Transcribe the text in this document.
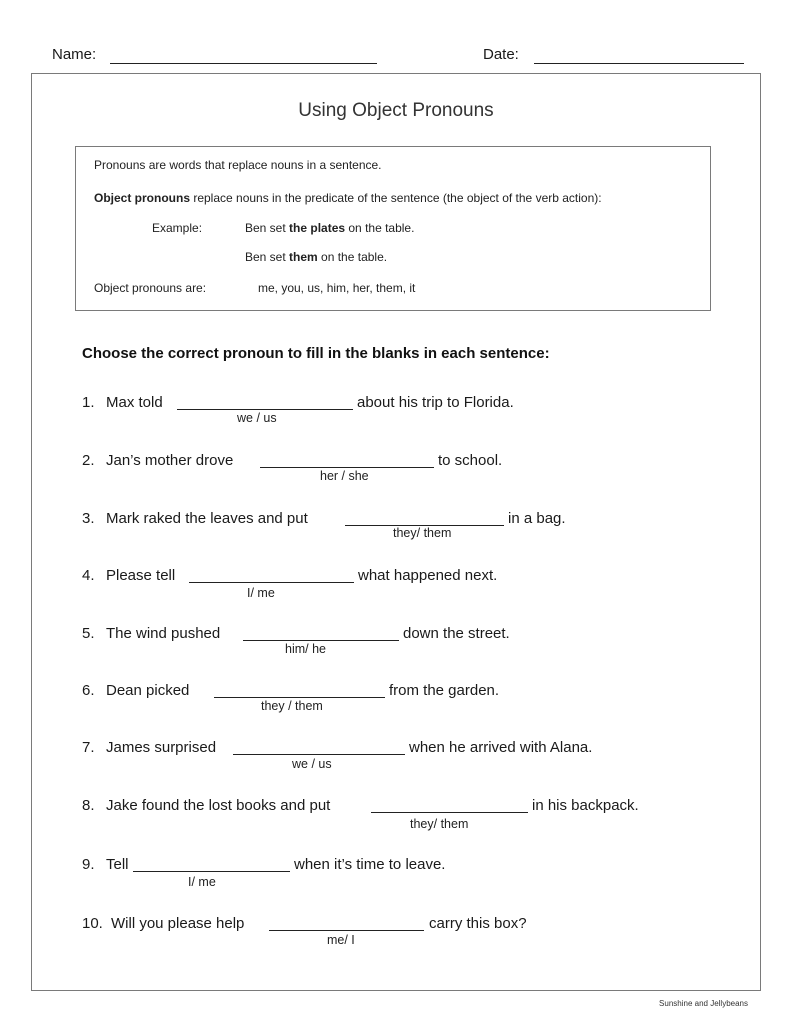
Name:	Date:
Using Object Pronouns
Pronouns are words that replace nouns in a sentence.
Object pronouns replace nouns in the predicate of the sentence (the object of the verb action):
Example:	Ben set the plates on the table.
Ben set them on the table.
Object pronouns are:	me, you, us, him, her, them, it
Choose the correct pronoun to fill in the blanks in each sentence:
1. Max told	about his trip to Florida.
we / us
2. Jan’s mother drove	to school.
her / she
3. Mark raked the leaves and put	in a bag.
they/ them
4. Please tell	what happened next.
I/ me
5. The wind pushed	down the street.
him/ he
6. Dean picked	from the garden.
they / them
7. James surprised	when he arrived with Alana.
we / us
8. Jake found the lost books and put	in his backpack.
they/ them
9. Tell	when it’s time to leave.
I/ me
10. Will you please help	carry this box?
me/ I
Sunshine and Jellybeans
